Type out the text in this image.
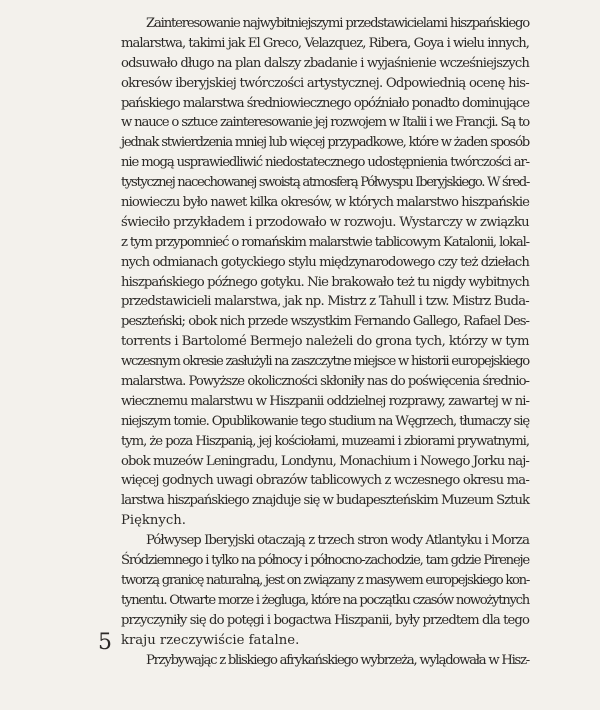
Zainteresowanie najwybitniejszymi przedstawicielami hiszpańskiego
malarstwa, takimi jak El Greco, Velazquez, Ribera, Goya i wielu innych,
odsuwało długo na plan dalszy zbadanie i wyjaśnienie wcześniejszych
okresów iberyjskiej twórczości artystycznej. Odpowiednią ocenę his-
pańskiego malarstwa średniowiecznego opóźniało ponadto dominujące
w nauce o sztuce zainteresowanie jej rozwojem w Italii i we Francji. Są to
jednak stwierdzenia mniej lub więcej przypadkowe, które w żaden sposób
nie mogą usprawiedliwić niedostatecznego udostępnienia twórczości ar-
tystycznej nacechowanej swoistą atmosferą Półwyspu Iberyjskiego. W śred-
niowieczu było nawet kilka okresów, w których malarstwo hiszpańskie
świeciło przykładem i przodowało w rozwoju. Wystarczy w związku
z tym przypomnieć o romańskim malarstwie tablicowym Katalonii, lokal-
nych odmianach gotyckiego stylu międzynarodowego czy też dziełach
hiszpańskiego późnego gotyku. Nie brakowało też tu nigdy wybitnych
przedstawicieli malarstwa, jak np. Mistrz z Tahull i tzw. Mistrz Buda-
peszteński; obok nich przede wszystkim Fernando Gallego, Rafael Des-
torrents i Bartolomé Bermejo należeli do grona tych, którzy w tym
wczesnym okresie zasłużyli na zaszczytne miejsce w historii europejskiego
malarstwa. Powyższe okoliczności skłoniły nas do poświęcenia średnio-
wiecznemu malarstwu w Hiszpanii oddzielnej rozprawy, zawartej w ni-
niejszym tomie. Opublikowanie tego studium na Węgrzech, tłumaczy się
tym, że poza Hiszpanią, jej kościołami, muzeami i zbiorami prywatnymi,
obok muzeów Leningradu, Londynu, Monachium i Nowego Jorku naj-
więcej godnych uwagi obrazów tablicowych z wczesnego okresu ma-
larstwa hiszpańskiego znajduje się w budapeszteńskim Muzeum Sztuk
Pięknych.
Półwysep Iberyjski otaczają z trzech stron wody Atlantyku i Morza
Śródziemnego i tylko na północy i północno-zachodzie, tam gdzie Pireneje
tworzą granicę naturalną, jest on związany z masywem europejskiego kon-
tynentu. Otwarte morze i żegluga, które na początku czasów nowożytnych
przyczyniły się do potęgi i bogactwa Hiszpanii, były przedtem dla tego
kraju rzeczywiście fatalne.
Przybywając z bliskiego afrykańskiego wybrzeża, wylądowała w Hisz-
5
